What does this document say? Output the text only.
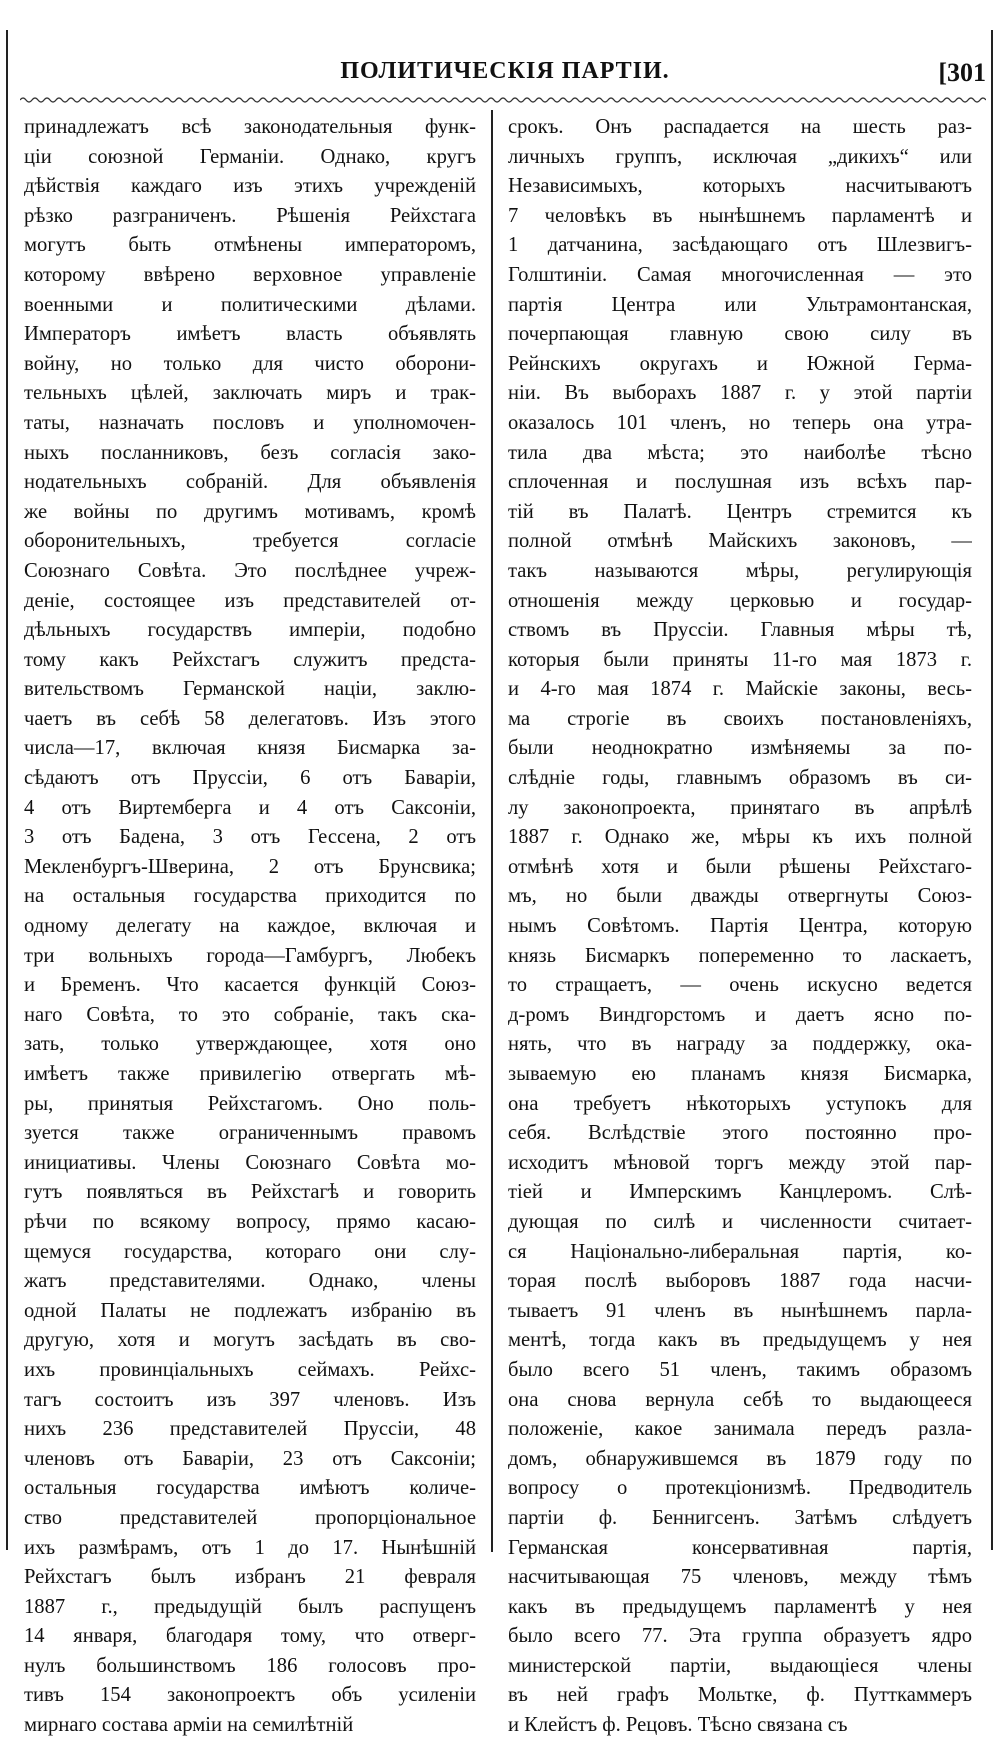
ПОЛИТИЧЕСКІЯ ПАРТІИ.	[301
принадлежатъ всѣ законодательныя функ-
ціи союзной Германіи. Однако, кругъ
дѣйствія каждаго изъ этихъ учрежденій
рѣзко разграниченъ. Рѣшенія Рейхстага
могутъ быть отмѣнены императоромъ,
которому ввѣрено верховное управленіе
военными и политическими дѣлами.
Императоръ имѣетъ власть объявлять
войну, но только для чисто оборони-
тельныхъ цѣлей, заключать миръ и трак-
таты, назначать пословъ и уполномочен-
ныхъ посланниковъ, безъ согласія зако-
нодательныхъ собраній. Для объявленія
же войны по другимъ мотивамъ, кромѣ
оборонительныхъ, требуется согласіе
Союзнаго Совѣта. Это послѣднее учреж-
деніе, состоящее изъ представителей от-
дѣльныхъ государствъ имперіи, подобно
тому какъ Рейхстагъ служитъ предста-
вительствомъ Германской націи, заклю-
чаетъ въ себѣ 58 делегатовъ. Изъ этого
числа—17, включая князя Бисмарка за-
сѣдаютъ отъ Пруссіи, 6 отъ Баваріи,
4 отъ Виртемберга и 4 отъ Саксоніи,
3 отъ Бадена, 3 отъ Гессена, 2 отъ
Мекленбургъ-Шверина, 2 отъ Брунсвика;
на остальныя государства приходится по
одному делегату на каждое, включая и
три вольныхъ города—Гамбургъ, Любекъ
и Бременъ. Что касается функцій Союз-
наго Совѣта, то это собраніе, такъ ска-
зать, только утверждающее, хотя оно
имѣетъ также привилегію отвергать мѣ-
ры, принятыя Рейхстагомъ. Оно поль-
зуется также ограниченнымъ правомъ
инициативы. Члены Союзнаго Совѣта мо-
гутъ появляться въ Рейхстагѣ и говорить
рѣчи по всякому вопросу, прямо касаю-
щемуся государства, котораго они слу-
жатъ представителями. Однако, члены
одной Палаты не подлежатъ избранію въ
другую, хотя и могутъ засѣдать въ сво-
ихъ провинціальныхъ сеймахъ. Рейхс-
тагъ состоитъ изъ 397 членовъ. Изъ
нихъ 236 представителей Пруссіи, 48
членовъ отъ Баваріи, 23 отъ Саксоніи;
остальныя государства имѣютъ количе-
ство представителей пропорціональное
ихъ размѣрамъ, отъ 1 до 17. Нынѣшній
Рейхстагъ былъ избранъ 21 февраля
1887 г., предыдущій былъ распущенъ
14 января, благодаря тому, что отверг-
нулъ большинствомъ 186 голосовъ про-
тивъ 154 законопроектъ объ усиленіи
мирнаго состава арміи на семилѣтній
срокъ. Онъ распадается на шесть раз-
личныхъ группъ, исключая „дикихъ“ или
Независимыхъ, которыхъ насчитываютъ
7 человѣкъ въ нынѣшнемъ парламентѣ и
1 датчанина, засѣдающаго отъ Шлезвигъ-
Голштиніи. Самая многочисленная — это
партія Центра или Ультрамонтанская,
почерпающая главную свою силу въ
Рейнскихъ округахъ и Южной Герма-
ніи. Въ выборахъ 1887 г. у этой партіи
оказалось 101 членъ, но теперь она утра-
тила два мѣста; это наиболѣе тѣсно
сплоченная и послушная изъ всѣхъ пар-
тій въ Палатѣ. Центръ стремится къ
полной отмѣнѣ Майскихъ законовъ, —
такъ называются мѣры, регулирующія
отношенія между церковью и государ-
ствомъ въ Пруссіи. Главныя мѣры тѣ,
которыя были приняты 11-го мая 1873 г.
и 4-го мая 1874 г. Майскіе законы, весь-
ма строгіе въ своихъ постановленіяхъ,
были неоднократно измѣняемы за по-
слѣдніе годы, главнымъ образомъ въ си-
лу законопроекта, принятаго въ апрѣлѣ
1887 г. Однако же, мѣры къ ихъ полной
отмѣнѣ хотя и были рѣшены Рейхстаго-
мъ, но были дважды отвергнуты Союз-
нымъ Совѣтомъ. Партія Центра, которую
князь Бисмаркъ попеременно то ласкаетъ,
то стращаетъ, — очень искусно ведется
д-ромъ Виндгорстомъ и даетъ ясно по-
нять, что въ награду за поддержку, ока-
зываемую ею планамъ князя Бисмарка,
она требуетъ нѣкоторыхъ уступокъ для
себя. Вслѣдствіе этого постоянно про-
исходитъ мѣновой торгъ между этой пар-
тіей и Имперскимъ Канцлеромъ. Слѣ-
дующая по силѣ и численности считает-
ся Національно-либеральная партія, ко-
торая послѣ выборовъ 1887 года насчи-
тываетъ 91 членъ въ нынѣшнемъ парла-
ментѣ, тогда какъ въ предыдущемъ у нея
было всего 51 членъ, такимъ образомъ
она снова вернула себѣ то выдающееся
положеніе, какое занимала передъ разла-
домъ, обнаружившемся въ 1879 году по
вопросу о протекціонизмѣ. Предводитель
партіи ф. Беннигсенъ. Затѣмъ слѣдуетъ
Германская консервативная партія,
насчитывающая 75 членовъ, между тѣмъ
какъ въ предыдущемъ парламентѣ у нея
было всего 77. Эта группа образуетъ ядро
министерской партіи, выдающіеся члены
въ ней графъ Мольтке, ф. Путткаммеръ
и Клейстъ ф. Рецовъ. Тѣсно связана съ
